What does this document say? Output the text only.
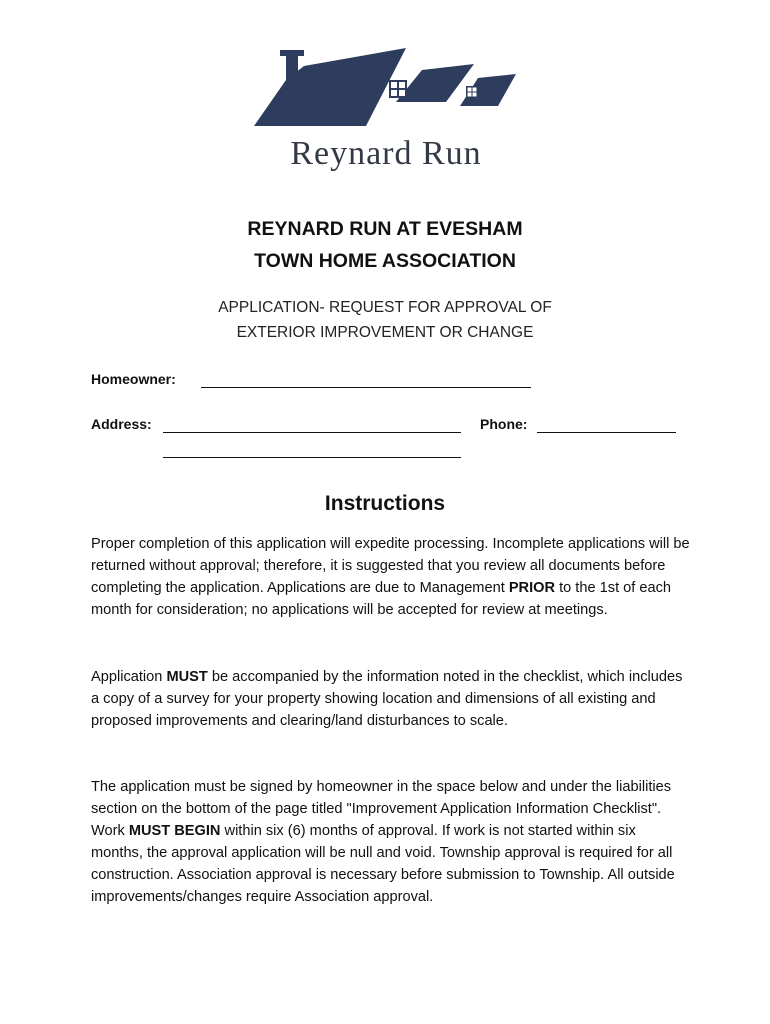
Reynard Run
REYNARD RUN AT EVESHAM
TOWN HOME ASSOCIATION
APPLICATION- REQUEST FOR APPROVAL OF
EXTERIOR IMPROVEMENT OR CHANGE
Homeowner:
Address:	Phone:
Instructions

Proper completion of this application will expedite processing. Incomplete applications will be returned without approval; therefore, it is suggested that you review all documents before completing the application. Applications are due to Management PRIOR to the 1st of each month for consideration; no applications will be accepted for review at meetings.

Application MUST be accompanied by the information noted in the checklist, which includes a copy of a survey for your property showing location and dimensions of all existing and proposed improvements and clearing/land disturbances to scale.

The application must be signed by homeowner in the space below and under the liabilities section on the bottom of the page titled "Improvement Application Information Checklist". Work MUST BEGIN within six (6) months of approval. If work is not started within six months, the approval application will be null and void. Township approval is required for all construction. Association approval is necessary before submission to Township. All outside improvements/changes require Association approval.
